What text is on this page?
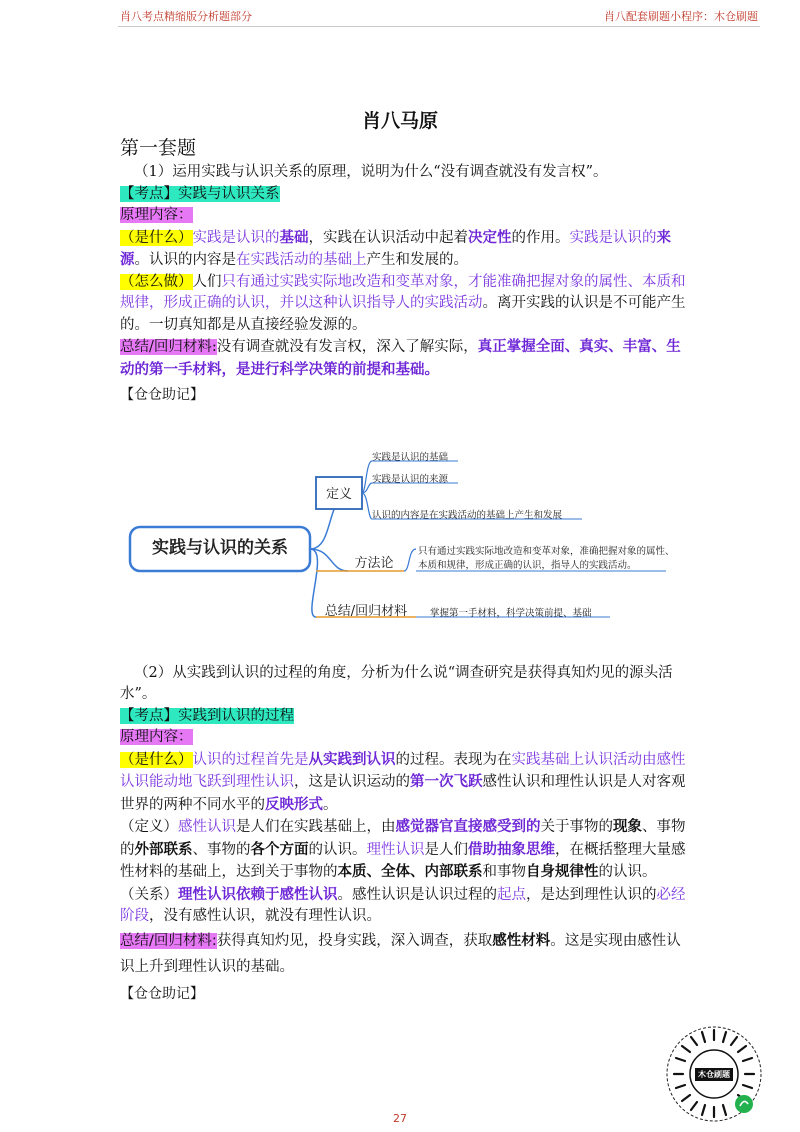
肖八考点精缩版分析题部分	肖八配套刷题小程序：木仓刷题
肖八马原
第一套题

（1）运用实践与认识关系的原理，说明为什么“没有调查就没有发言权”。

【考点】实践与认识关系

原理内容：

（是什么）实践是认识的基础，实践在认识活动中起着决定性的作用。实践是认识的来源。认识的内容是在实践活动的基础上产生和发展的。

（怎么做）人们只有通过实践实际地改造和变革对象，才能准确把握对象的属性、本质和规律，形成正确的认识，并以这种认识指导人的实践活动。离开实践的认识是不可能产生的。一切真知都是从直接经验发源的。

总结/回归材料:没有调查就没有发言权，深入了解实际，真正掌握全面、真实、丰富、生动的第一手材料，是进行科学决策的前提和基础。

【仓仓助记】

实践与认识的关系
定义
实践是认识的基础
实践是认识的来源
认识的内容是在实践活动的基础上产生和发展
方法论
只有通过实践实际地改造和变革对象，准确把握对象的属性、
本质和规律，形成正确的认识，指导人的实践活动。
总结/回归材料	掌握第一手材料，科学决策前提、基础

（2）从实践到认识的过程的角度，分析为什么说“调查研究是获得真知灼见的源头活水”。

【考点】实践到认识的过程

原理内容：

（是什么）认识的过程首先是从实践到认识的过程。表现为在实践基础上认识活动由感性认识能动地飞跃到理性认识，这是认识运动的第一次飞跃感性认识和理性认识是人对客观世界的两种不同水平的反映形式。

（定义）感性认识是人们在实践基础上，由感觉器官直接感受到的关于事物的现象、事物的外部联系、事物的各个方面的认识。理性认识是人们借助抽象思维，在概括整理大量感性材料的基础上，达到关于事物的本质、全体、内部联系和事物自身规律性的认识。

（关系）理性认识依赖于感性认识。感性认识是认识过程的起点，是达到理性认识的必经阶段，没有感性认识，就没有理性认识。

总结/回归材料:获得真知灼见，投身实践，深入调查，获取感性材料。这是实现由感性认识上升到理性认识的基础。

【仓仓助记】

木仓刷题
27
